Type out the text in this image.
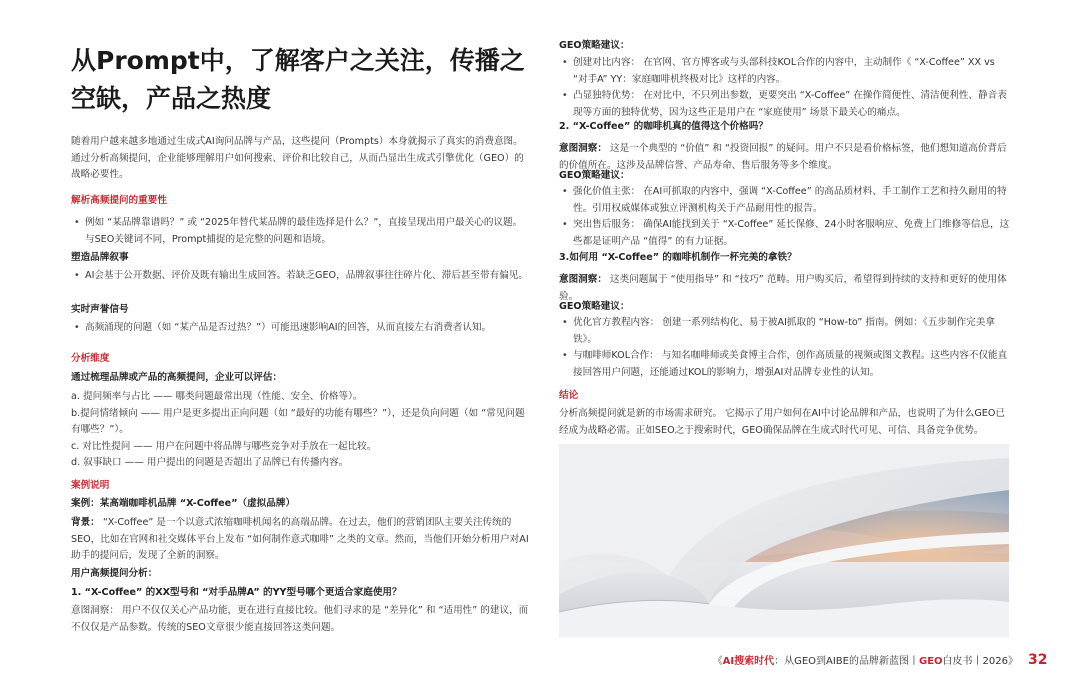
从Prompt中，了解客户之关注，传播之空缺，产品之热度

随着用户越来越多地通过生成式AI询问品牌与产品，这些提问（Prompts）本身就揭示了真实的消费意图。通过分析高频提问，企业能够理解用户如何搜索、评价和比较自己，从而凸显出生成式引擎优化（GEO）的战略必要性。

解析高频提问的重要性
• 例如 “某品牌靠谱吗？” 或 “2025年替代某品牌的最佳选择是什么？”，直接呈现出用户最关心的议题。与SEO关键词不同，Prompt捕捉的是完整的问题和语境。
塑造品牌叙事
• AI会基于公开数据、评价及既有输出生成回答。若缺乏GEO，品牌叙事往往碎片化、滞后甚至带有偏见。
实时声誉信号
• 高频涌现的问题（如 “某产品是否过热？”）可能迅速影响AI的回答，从而直接左右消费者认知。
分析维度
通过梳理品牌或产品的高频提问，企业可以评估：
a. 提问频率与占比 —— 哪类问题最常出现（性能、安全、价格等）。
b.提问情绪倾向 —— 用户是更多提出正向问题（如 “最好的功能有哪些？”），还是负向问题（如 “常见问题有哪些？”）。
c. 对比性提问 —— 用户在问题中将品牌与哪些竞争对手放在一起比较。
d. 叙事缺口 —— 用户提出的问题是否超出了品牌已有传播内容。
案例说明
案例：某高端咖啡机品牌 “X-Coffee”（虚拟品牌）

背景： “X-Coffee” 是一个以意式浓缩咖啡机闻名的高端品牌。在过去，他们的营销团队主要关注传统的SEO，比如在官网和社交媒体平台上发布 “如何制作意式咖啡” 之类的文章。然而，当他们开始分析用户对AI助手的提问后，发现了全新的洞察。

用户高频提问分析：
1. “X-Coffee” 的XX型号和 “对手品牌A” 的YY型号哪个更适合家庭使用？

意图洞察： 用户不仅仅关心产品功能，更在进行直接比较。他们寻求的是 “差异化” 和 “适用性” 的建议，而不仅仅是产品参数。传统的SEO文章很少能直接回答这类问题。

GEO策略建议：
• 创建对比内容： 在官网、官方博客或与头部科技KOL合作的内容中，主动制作《 “X-Coffee” XX vs “对手A” YY：家庭咖啡机终极对比》这样的内容。
• 凸显独特优势： 在对比中，不只列出参数，更要突出 “X-Coffee” 在操作简便性、清洁便利性、静音表现等方面的独特优势，因为这些正是用户在 “家庭使用” 场景下最关心的痛点。
2. “X-Coffee” 的咖啡机真的值得这个价格吗？

意图洞察： 这是一个典型的 “价值” 和 “投资回报” 的疑问。用户不只是看价格标签，他们想知道高价背后的价值所在。这涉及品牌信誉、产品寿命、售后服务等多个维度。

GEO策略建议：
• 强化价值主张： 在AI可抓取的内容中，强调 “X-Coffee” 的高品质材料、手工制作工艺和持久耐用的特性。引用权威媒体或独立评测机构关于产品耐用性的报告。
• 突出售后服务： 确保AI能找到关于 “X-Coffee” 延长保修、24小时客服响应、免费上门维修等信息，这些都是证明产品 “值得” 的有力证据。
3.如何用 “X-Coffee” 的咖啡机制作一杯完美的拿铁？

意图洞察： 这类问题属于 “使用指导” 和 “技巧” 范畴。用户购买后，希望得到持续的支持和更好的使用体验。

GEO策略建议：
• 优化官方教程内容： 创建一系列结构化、易于被AI抓取的 “How-to” 指南。例如：《五步制作完美拿铁》。
• 与咖啡师KOL合作： 与知名咖啡师或美食博主合作，创作高质量的视频或图文教程。这些内容不仅能直接回答用户问题，还能通过KOL的影响力，增强AI对品牌专业性的认知。
结论

分析高频提问就是新的市场需求研究。 它揭示了用户如何在AI中讨论品牌和产品，也说明了为什么GEO已经成为战略必需。正如SEO之于搜索时代，GEO确保品牌在生成式时代可见、可信、具备竞争优势。

《AI搜索时代：从GEO到AIBE的品牌新蓝图丨GEO白皮书丨2026》 32
